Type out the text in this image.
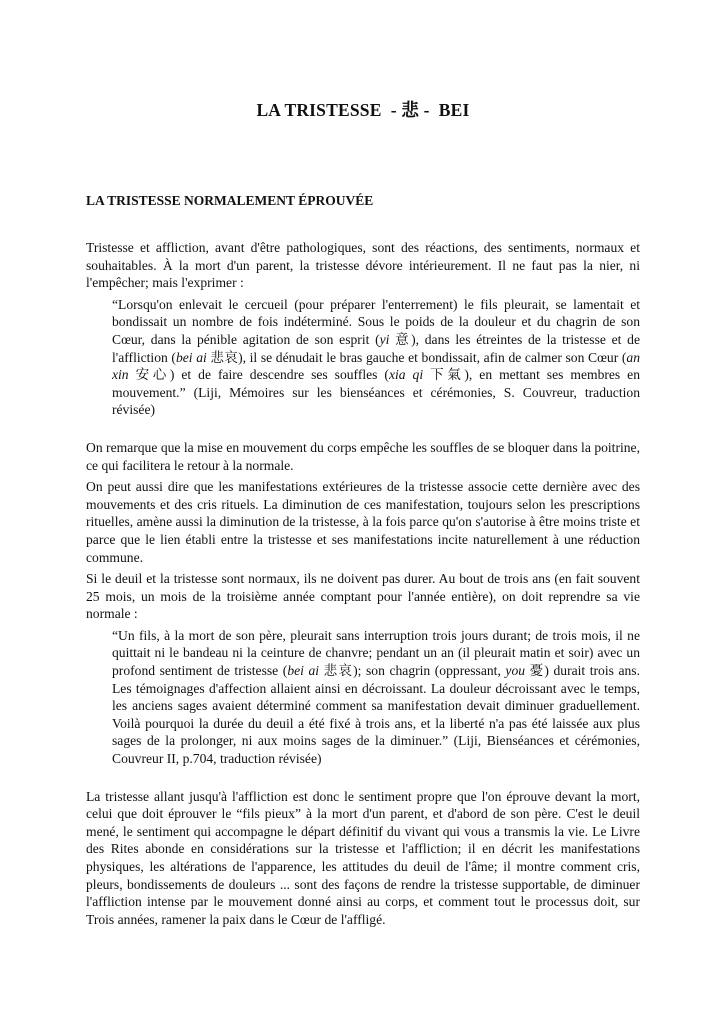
LA TRISTESSE  - 悲 -  BEI
LA TRISTESSE NORMALEMENT ÉPROUVÉE

Tristesse et affliction, avant d'être pathologiques, sont des réactions, des sentiments, normaux et souhaitables. À la mort d'un parent, la tristesse dévore intérieurement. Il ne faut pas la nier, ni l'empêcher; mais l'exprimer :

“Lorsqu'on enlevait le cercueil (pour préparer l'enterrement) le fils pleurait, se lamentait et bondissait un nombre de fois indéterminé. Sous le poids de la douleur et du chagrin de son Cœur, dans la pénible agitation de son esprit (yi 意), dans les étreintes de la tristesse et de l'affliction (bei ai 悲哀), il se dénudait le bras gauche et bondissait, afin de calmer son Cœur (an xin 安心) et de faire descendre ses souffles (xia qi 下氣), en mettant ses membres en mouvement.” (Liji, Mémoires sur les bienséances et cérémonies, S. Couvreur, traduction révisée)

On remarque que la mise en mouvement du corps empêche les souffles de se bloquer dans la poitrine, ce qui facilitera le retour à la normale.

On peut aussi dire que les manifestations extérieures de la tristesse associe cette dernière avec des mouvements et des cris rituels. La diminution de ces manifestation, toujours selon les prescriptions rituelles, amène aussi la diminution de la tristesse, à la fois parce qu'on s'autorise à être moins triste et parce que le lien établi entre la tristesse et ses manifestations incite naturellement à une réduction commune.

Si le deuil et la tristesse sont normaux, ils ne doivent pas durer. Au bout de trois ans (en fait souvent 25 mois, un mois de la troisième année comptant pour l'année entière), on doit reprendre sa vie normale :

“Un fils, à la mort de son père, pleurait sans interruption trois jours durant; de trois mois, il ne quittait ni le bandeau ni la ceinture de chanvre; pendant un an (il pleurait matin et soir) avec un profond sentiment de tristesse (bei ai 悲哀); son chagrin (oppressant, you 憂) durait trois ans. Les témoignages d'affection allaient ainsi en décroissant. La douleur décroissant avec le temps, les anciens sages avaient déterminé comment sa manifestation devait diminuer graduellement. Voilà pourquoi la durée du deuil a été fixé à trois ans, et la liberté n'a pas été laissée aux plus sages de la prolonger, ni aux moins sages de la diminuer.” (Liji, Bienséances et cérémonies, Couvreur II, p.704, traduction révisée)

La tristesse allant jusqu'à l'affliction est donc le sentiment propre que l'on éprouve devant la mort, celui que doit éprouver le “fils pieux” à la mort d'un parent, et d'abord de son père. C'est le deuil mené, le sentiment qui accompagne le départ définitif du vivant qui vous a transmis la vie. Le Livre des Rites abonde en considérations sur la tristesse et l'affliction; il en décrit les manifestations physiques, les altérations de l'apparence, les attitudes du deuil de l'âme; il montre comment cris, pleurs, bondissements de douleurs ... sont des façons de rendre la tristesse supportable, de diminuer l'affliction intense par le mouvement donné ainsi au corps, et comment tout le processus doit, sur Trois années, ramener la paix dans le Cœur de l'affligé.
